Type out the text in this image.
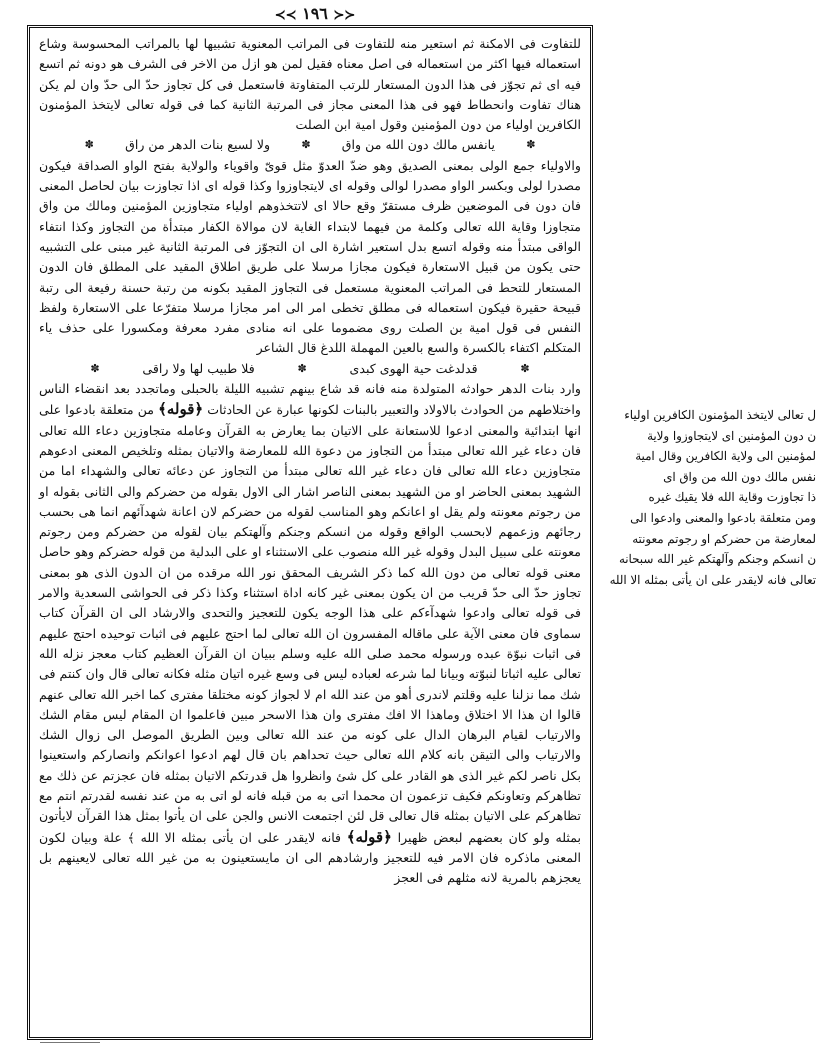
≺≺ ١٩٦ ≻≻

للتفاوت فى الامكنة ثم استعير منه للتفاوت فى المراتب المعنوية تشبيها لها بالمراتب المحسوسة وشاع استعماله فيها اكثر من استعماله فى اصل معناه فقيل لمن هو ازل من الاخر فى الشرف هو دونه ثم اتسع فيه اى ثم تجوّز فى هذا الدون المستعار للرتب المتفاوتة فاستعمل فى كل تجاوز حدّ الى حدّ وان لم يكن هناك تفاوت وانحطاط فهو فى هذا المعنى مجاز فى المرتبة الثانية كما فى قوله تعالى لايتخذ المؤمنون الكافرين اولياء من دون المؤمنين وقول امية ابن الصلت

✽
يانفس مالك دون الله من واق
✽
ولا لسيع بنات الدهر من راق
✽

والاولياء جمع الولى بمعنى الصديق وهو ضدّ العدوّ مثل قوىّ واقوياء والولاية بفتح الواو الصداقة فيكون مصدرا لولى وبكسر الواو مصدرا لوالى وقوله اى لايتجاوزوا وكذا قوله اى اذا تجاوزت بيان لحاصل المعنى فان دون فى الموضعين ظرف مستقرّ وقع حالا اى لاتتخذوهم اولياء متجاوزين المؤمنين ومالك من واق متجاوزا وقاية الله تعالى وكلمة من فيهما لابتداء الغاية لان موالاة الكفار مبتدأة من التجاوز وكذا انتفاء الواقى مبتدأ منه وقوله اتسع بدل استعير اشارة الى ان التجوّز فى المرتبة الثانية غير مبنى على التشبيه حتى يكون من قبيل الاستعارة فيكون مجازا مرسلا على طريق اطلاق المقيد على المطلق فان الدون المستعار للتحط فى المراتب المعنوية مستعمل فى التجاوز المقيد بكونه من رتبة حسنة رفيعة الى رتبة قبيحة حقيرة فيكون استعماله فى مطلق تخطى امر الى امر مجازا مرسلا متفرّعا على الاستعارة ولفظ النفس فى قول امية بن الصلت روى مضموما على انه منادى مفرد معرفة ومكسورا على حذف ياء المتكلم اكتفاء بالكسرة والسع بالعين المهملة اللدغ قال الشاعر

✽
قدلدغت حية الهوى كبدى
✽
فلا طبيب لها ولا راقى
✽

وارد بنات الدهر حوادثه المتولدة منه فانه قد شاع بينهم تشبيه الليلة بالحبلى وماتجدد بعد انقضاء الناس واختلاطهم من الحوادث بالاولاد والتعبير بالبنات لكونها عبارة عن الحادثات ﴿قوله﴾ من متعلقة بادعوا على انها ابتدائية والمعنى ادعوا للاستعانة على الاتيان بما يعارض به القرآن وعامله متجاوزين دعاء الله تعالى فان دعاء غير الله تعالى مبتدأ من التجاوز من دعوة الله للمعارضة والاتيان بمثله وتلخيص المعنى ادعوهم متجاوزين دعاء الله تعالى فان دعاء غير الله تعالى مبتدأ من التجاوز عن دعائه تعالى والشهداء اما من الشهيد بمعنى الحاضر او من الشهيد بمعنى الناصر اشار الى الاول بقوله من حضركم والى الثانى بقوله او من رجوتم معونته ولم يقل او اعانكم وهو المناسب لقوله من حضركم لان اعانة شهدآئهم انما هى بحسب رجائهم وزعمهم لابحسب الواقع وقوله من انسكم وجنكم وآلهتكم بيان لقوله من حضركم ومن رجوتم معونته على سبيل البدل وقوله غير الله منصوب على الاستثناء او على البدلية من قوله حضركم وهو حاصل معنى قوله تعالى من دون الله كما ذكر الشريف المحقق نور الله مرقده من ان الدون الذى هو بمعنى تجاوز حدّ الى حدّ قريب من ان يكون بمعنى غير كانه اداة استثناء وكذا ذكر فى الحواشى السعدية والامر فى قوله تعالى وادعوا شهدآءكم على هذا الوجه يكون للتعجيز والتحدى والارشاد الى ان القرآن كتاب سماوى فان معنى الآية على ماقاله المفسرون ان الله تعالى لما احتج عليهم فى اثبات توحيده احتج عليهم فى اثبات نبوّة عبده ورسوله محمد صلى الله عليه وسلم ببيان ان القرآن العظيم كتاب معجز نزله الله تعالى عليه اثباتا لنبوّته وبيانا لما شرعه لعباده ليس فى وسع غيره اتيان مثله فكانه تعالى قال وان كنتم فى شك مما نزلنا عليه وقلتم لاندرى أهو من عند الله ام لا لجواز كونه مختلقا مفترى كما اخبر الله تعالى عنهم قالوا ان هذا الا اختلاق وماهذا الا افك مفترى وان هذا الاسحر مبين فاعلموا ان المقام ليس مقام الشك والارتياب لقيام البرهان الدال على كونه من عند الله تعالى وبين الطريق الموصل الى زوال الشك والارتياب والى التيقن بانه كلام الله تعالى حيث تحداهم بان قال لهم ادعوا اعوانكم وانصاركم واستعينوا بكل ناصر لكم غير الذى هو القادر على كل شئ وانظروا هل قدرتكم الاتيان بمثله فان عجزتم عن ذلك مع تظاهركم وتعاونكم فكيف تزعمون ان محمدا اتى به من قبله فانه لو اتى به من عند نفسه لقدرتم انتم مع تظاهركم على الاتيان بمثله قال تعالى قل لئن اجتمعت الانس والجن على ان يأتوا بمثل هذا القرآن لايأتون بمثله ولو كان بعضهم لبعض ظهيرا ﴿قوله﴾ فانه لايقدر على ان يأتى بمثله الا الله ﴾ علة وبيان لكون المعنى ماذكره فان الامر فيه للتعجيز وارشادهم الى ان مايستعينون به من غير الله تعالى لايعينهم بل يعجزهم بالمرية لانه مثلهم فى العجز

ل تعالى لايتخذ المؤمنون الكافرين اولياء
ن دون المؤمنين اى لايتجاوزوا ولاية
لمؤمنين الى ولاية الكافرين وقال امية
نفس مالك دون الله من واق اى
ذا تجاوزت وقاية الله فلا يقيك غيره
ومن متعلقة بادعوا والمعنى وادعوا الى
لمعارضة من حضركم او رجوتم معونته
ن انسكم وجنكم وآلهتكم غير الله سبحانه
تعالى فانه لايقدر على ان يأتى بمثله الا الله
